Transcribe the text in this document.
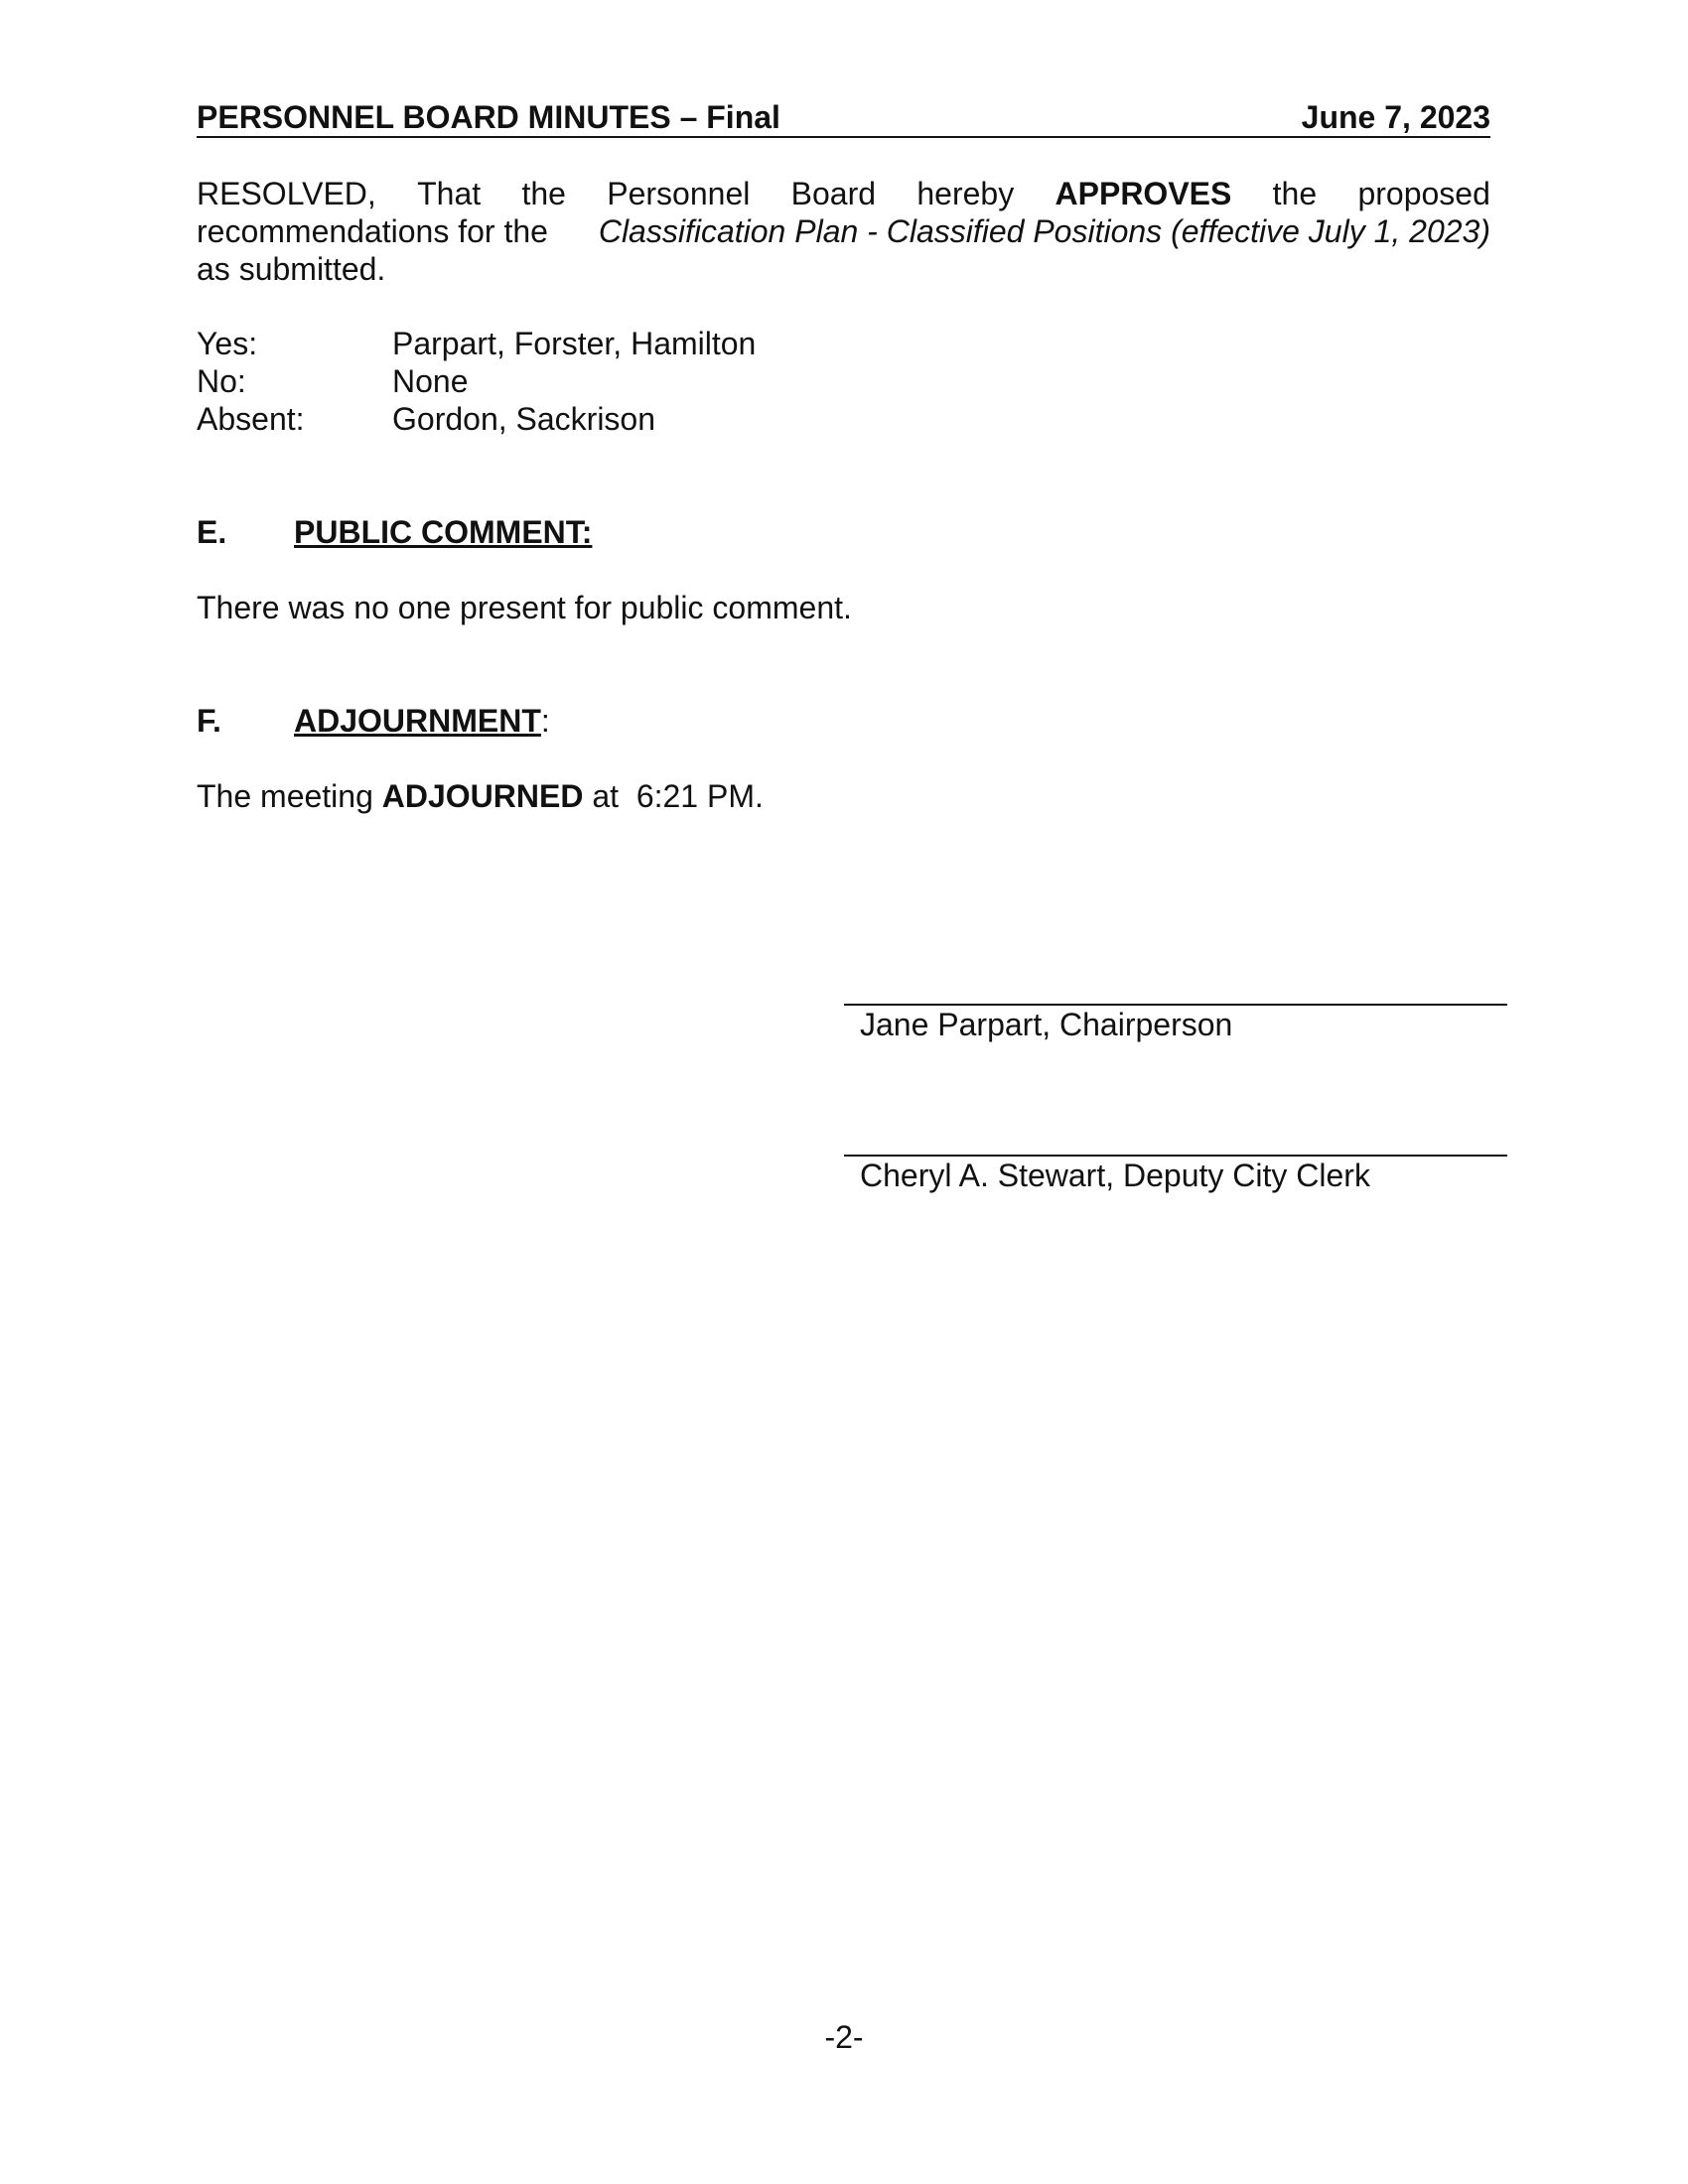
PERSONNEL BOARD MINUTES – Final	June 7, 2023
RESOLVED, That the Personnel Board hereby APPROVES the proposed
recommendations for the Classification Plan - Classified Positions (effective July 1, 2023)
as submitted.
Yes:	Parpart, Forster, Hamilton
No:	None
Absent:	Gordon, Sackrison
E. PUBLIC COMMENT:
There was no one present for public comment.
F. ADJOURNMENT:
The meeting ADJOURNED at  6:21 PM.
Jane Parpart, Chairperson
Cheryl A. Stewart, Deputy City Clerk
-2-
